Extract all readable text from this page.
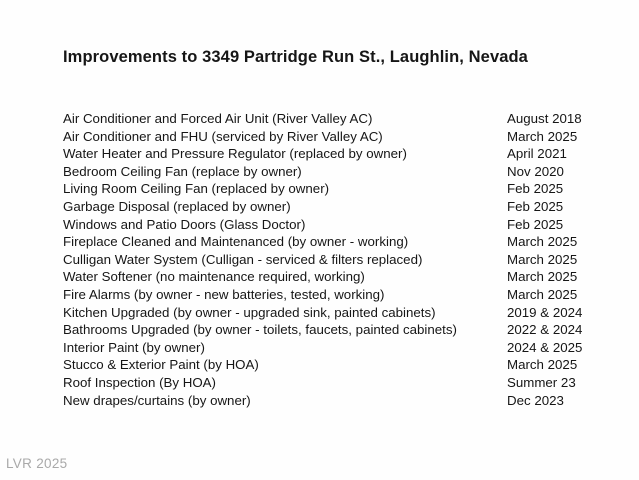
Improvements to 3349 Partridge Run St., Laughlin, Nevada
Air Conditioner and Forced Air Unit (River Valley AC)	August 2018
Air Conditioner and FHU (serviced by River Valley AC)	March 2025
Water Heater and Pressure Regulator (replaced by owner)	April 2021
Bedroom Ceiling Fan (replace by owner)	Nov 2020
Living Room Ceiling Fan (replaced by owner)	Feb 2025
Garbage Disposal (replaced by owner)	Feb 2025
Windows and Patio Doors (Glass Doctor)	Feb 2025
Fireplace Cleaned and Maintenanced (by owner - working)	March 2025
Culligan Water System (Culligan - serviced & filters replaced)	March 2025
Water Softener (no maintenance required, working)	March 2025
Fire Alarms (by owner - new batteries, tested, working)	March 2025
Kitchen Upgraded (by owner - upgraded sink, painted cabinets)	2019 & 2024
Bathrooms Upgraded (by owner - toilets, faucets, painted cabinets)	2022 & 2024
Interior Paint (by owner)	2024 & 2025
Stucco & Exterior Paint (by HOA)	March 2025
Roof Inspection (By HOA)	Summer 23
New drapes/curtains (by owner)	Dec 2023
LVR 2025
